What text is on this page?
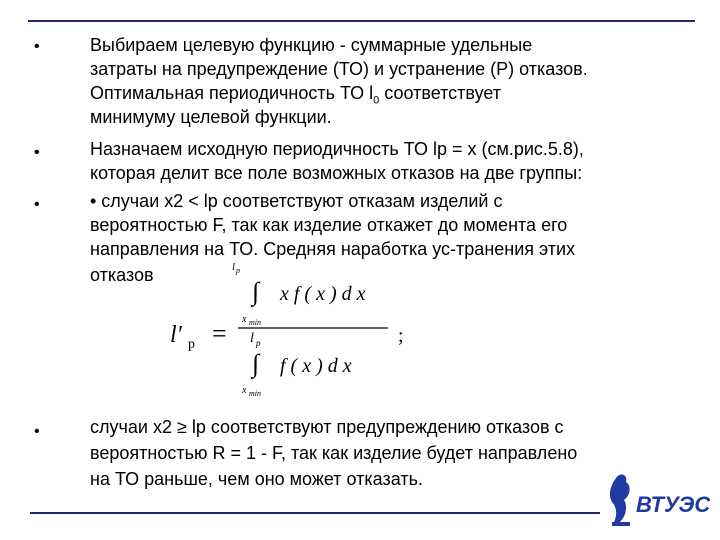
•
•
•
•
Выбираем целевую функцию - суммарные удельные
затраты на предупреждение (ТО) и устранение (Р) отказов.
Оптимальная периодичность ТО $l_0$ соответствует
минимуму целевой функции.
Назначаем исходную периодичность ТО lр = x (см.рис.5.8),
которая делит все поле возможных отказов на две группы:
• случаи x2 < lр соответствуют отказам изделий с
вероятностью F, так как изделие откажет до момента его
направления на ТО. Средняя наработка ус-транения этих
отказов
случаи x2 ≥ lр соответствуют предупреждению отказов с
вероятностью R = 1 - F, так как изделие будет направлено
на ТО раньше, чем оно может отказать.
l р
∫ x f ( x ) d x
x min
l′ р = l р
∫ f ( x ) d x
x min
;
ВТУЭС
